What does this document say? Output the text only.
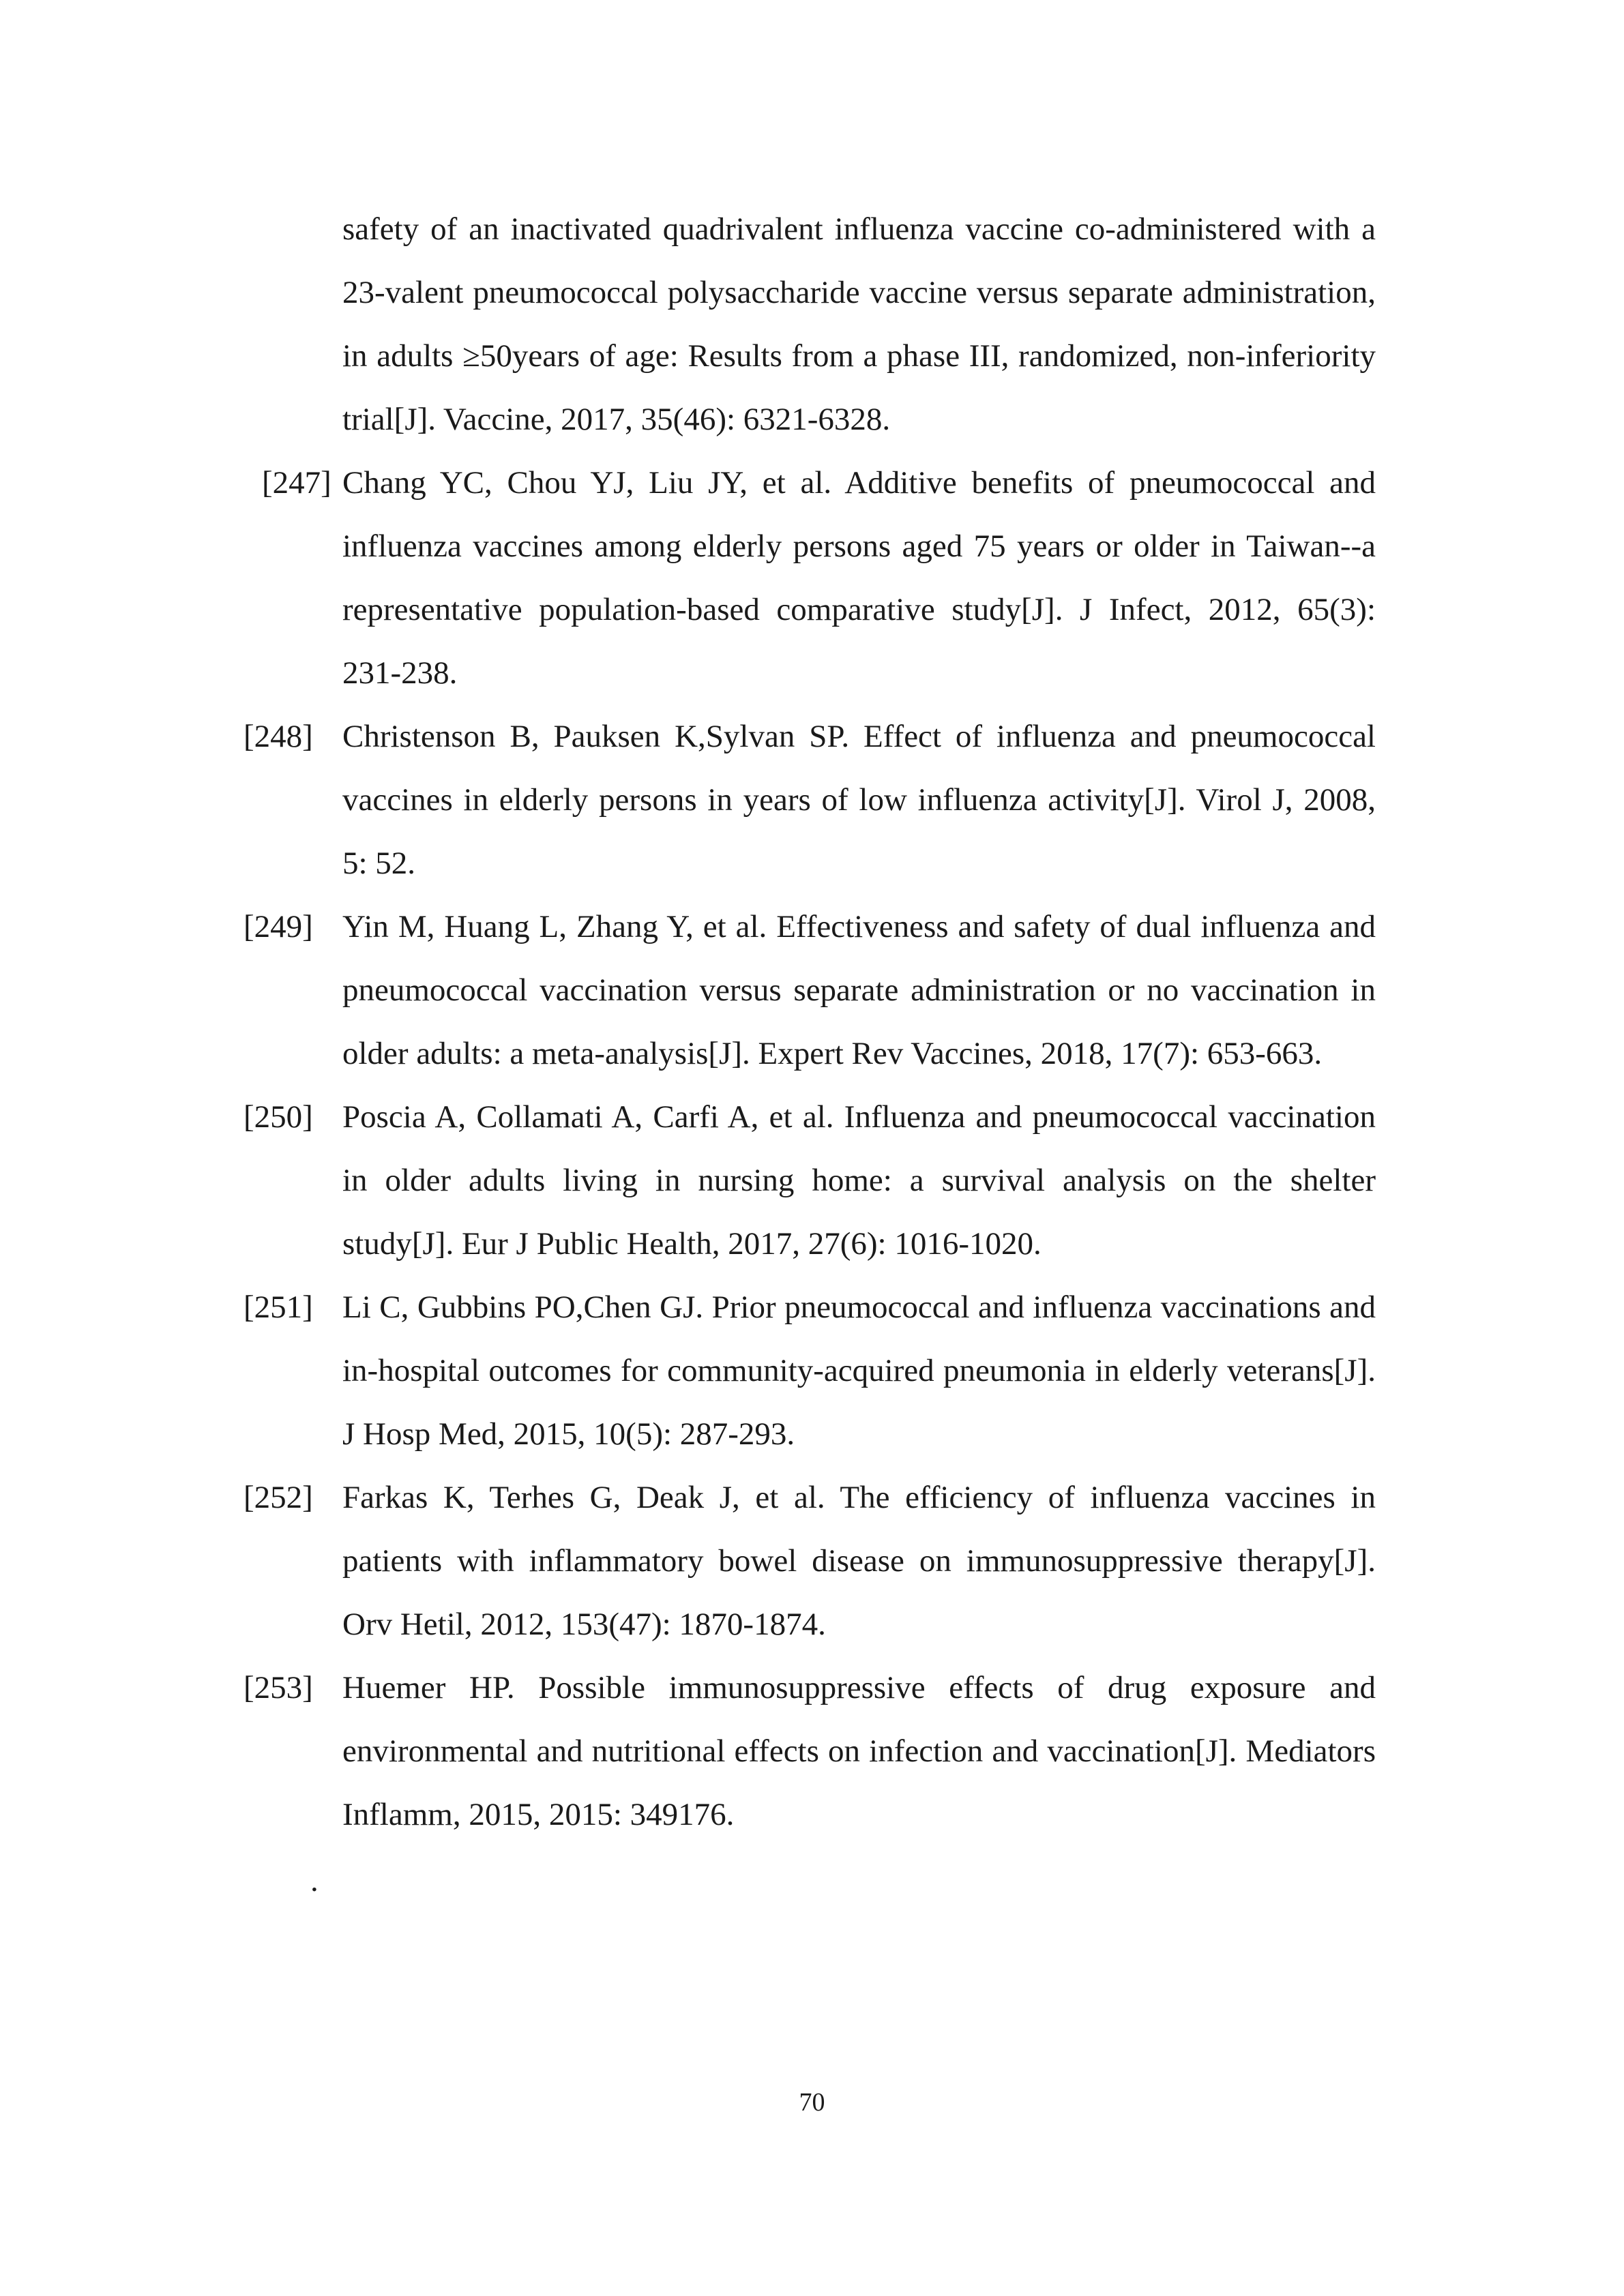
safety of an inactivated quadrivalent influenza vaccine co-administered with a 23-valent pneumococcal polysaccharide vaccine versus separate administration, in adults ≥50years of age: Results from a phase III, randomized, non-inferiority trial[J]. Vaccine, 2017, 35(46): 6321-6328.
[247] Chang YC, Chou YJ, Liu JY, et al. Additive benefits of pneumococcal and influenza vaccines among elderly persons aged 75 years or older in Taiwan--a representative population-based comparative study[J]. J Infect, 2012, 65(3): 231-238.
[248] Christenson B, Pauksen K,Sylvan SP. Effect of influenza and pneumococcal vaccines in elderly persons in years of low influenza activity[J]. Virol J, 2008, 5: 52.
[249] Yin M, Huang L, Zhang Y, et al. Effectiveness and safety of dual influenza and pneumococcal vaccination versus separate administration or no vaccination in older adults: a meta-analysis[J]. Expert Rev Vaccines, 2018, 17(7): 653-663.
[250] Poscia A, Collamati A, Carfi A, et al. Influenza and pneumococcal vaccination in older adults living in nursing home: a survival analysis on the shelter study[J]. Eur J Public Health, 2017, 27(6): 1016-1020.
[251] Li C, Gubbins PO,Chen GJ. Prior pneumococcal and influenza vaccinations and in-hospital outcomes for community-acquired pneumonia in elderly veterans[J]. J Hosp Med, 2015, 10(5): 287-293.
[252] Farkas K, Terhes G, Deak J, et al. The efficiency of influenza vaccines in patients with inflammatory bowel disease on immunosuppressive therapy[J]. Orv Hetil, 2012, 153(47): 1870-1874.
[253] Huemer HP. Possible immunosuppressive effects of drug exposure and environmental and nutritional effects on infection and vaccination[J]. Mediators Inflamm, 2015, 2015: 349176.
.
70
